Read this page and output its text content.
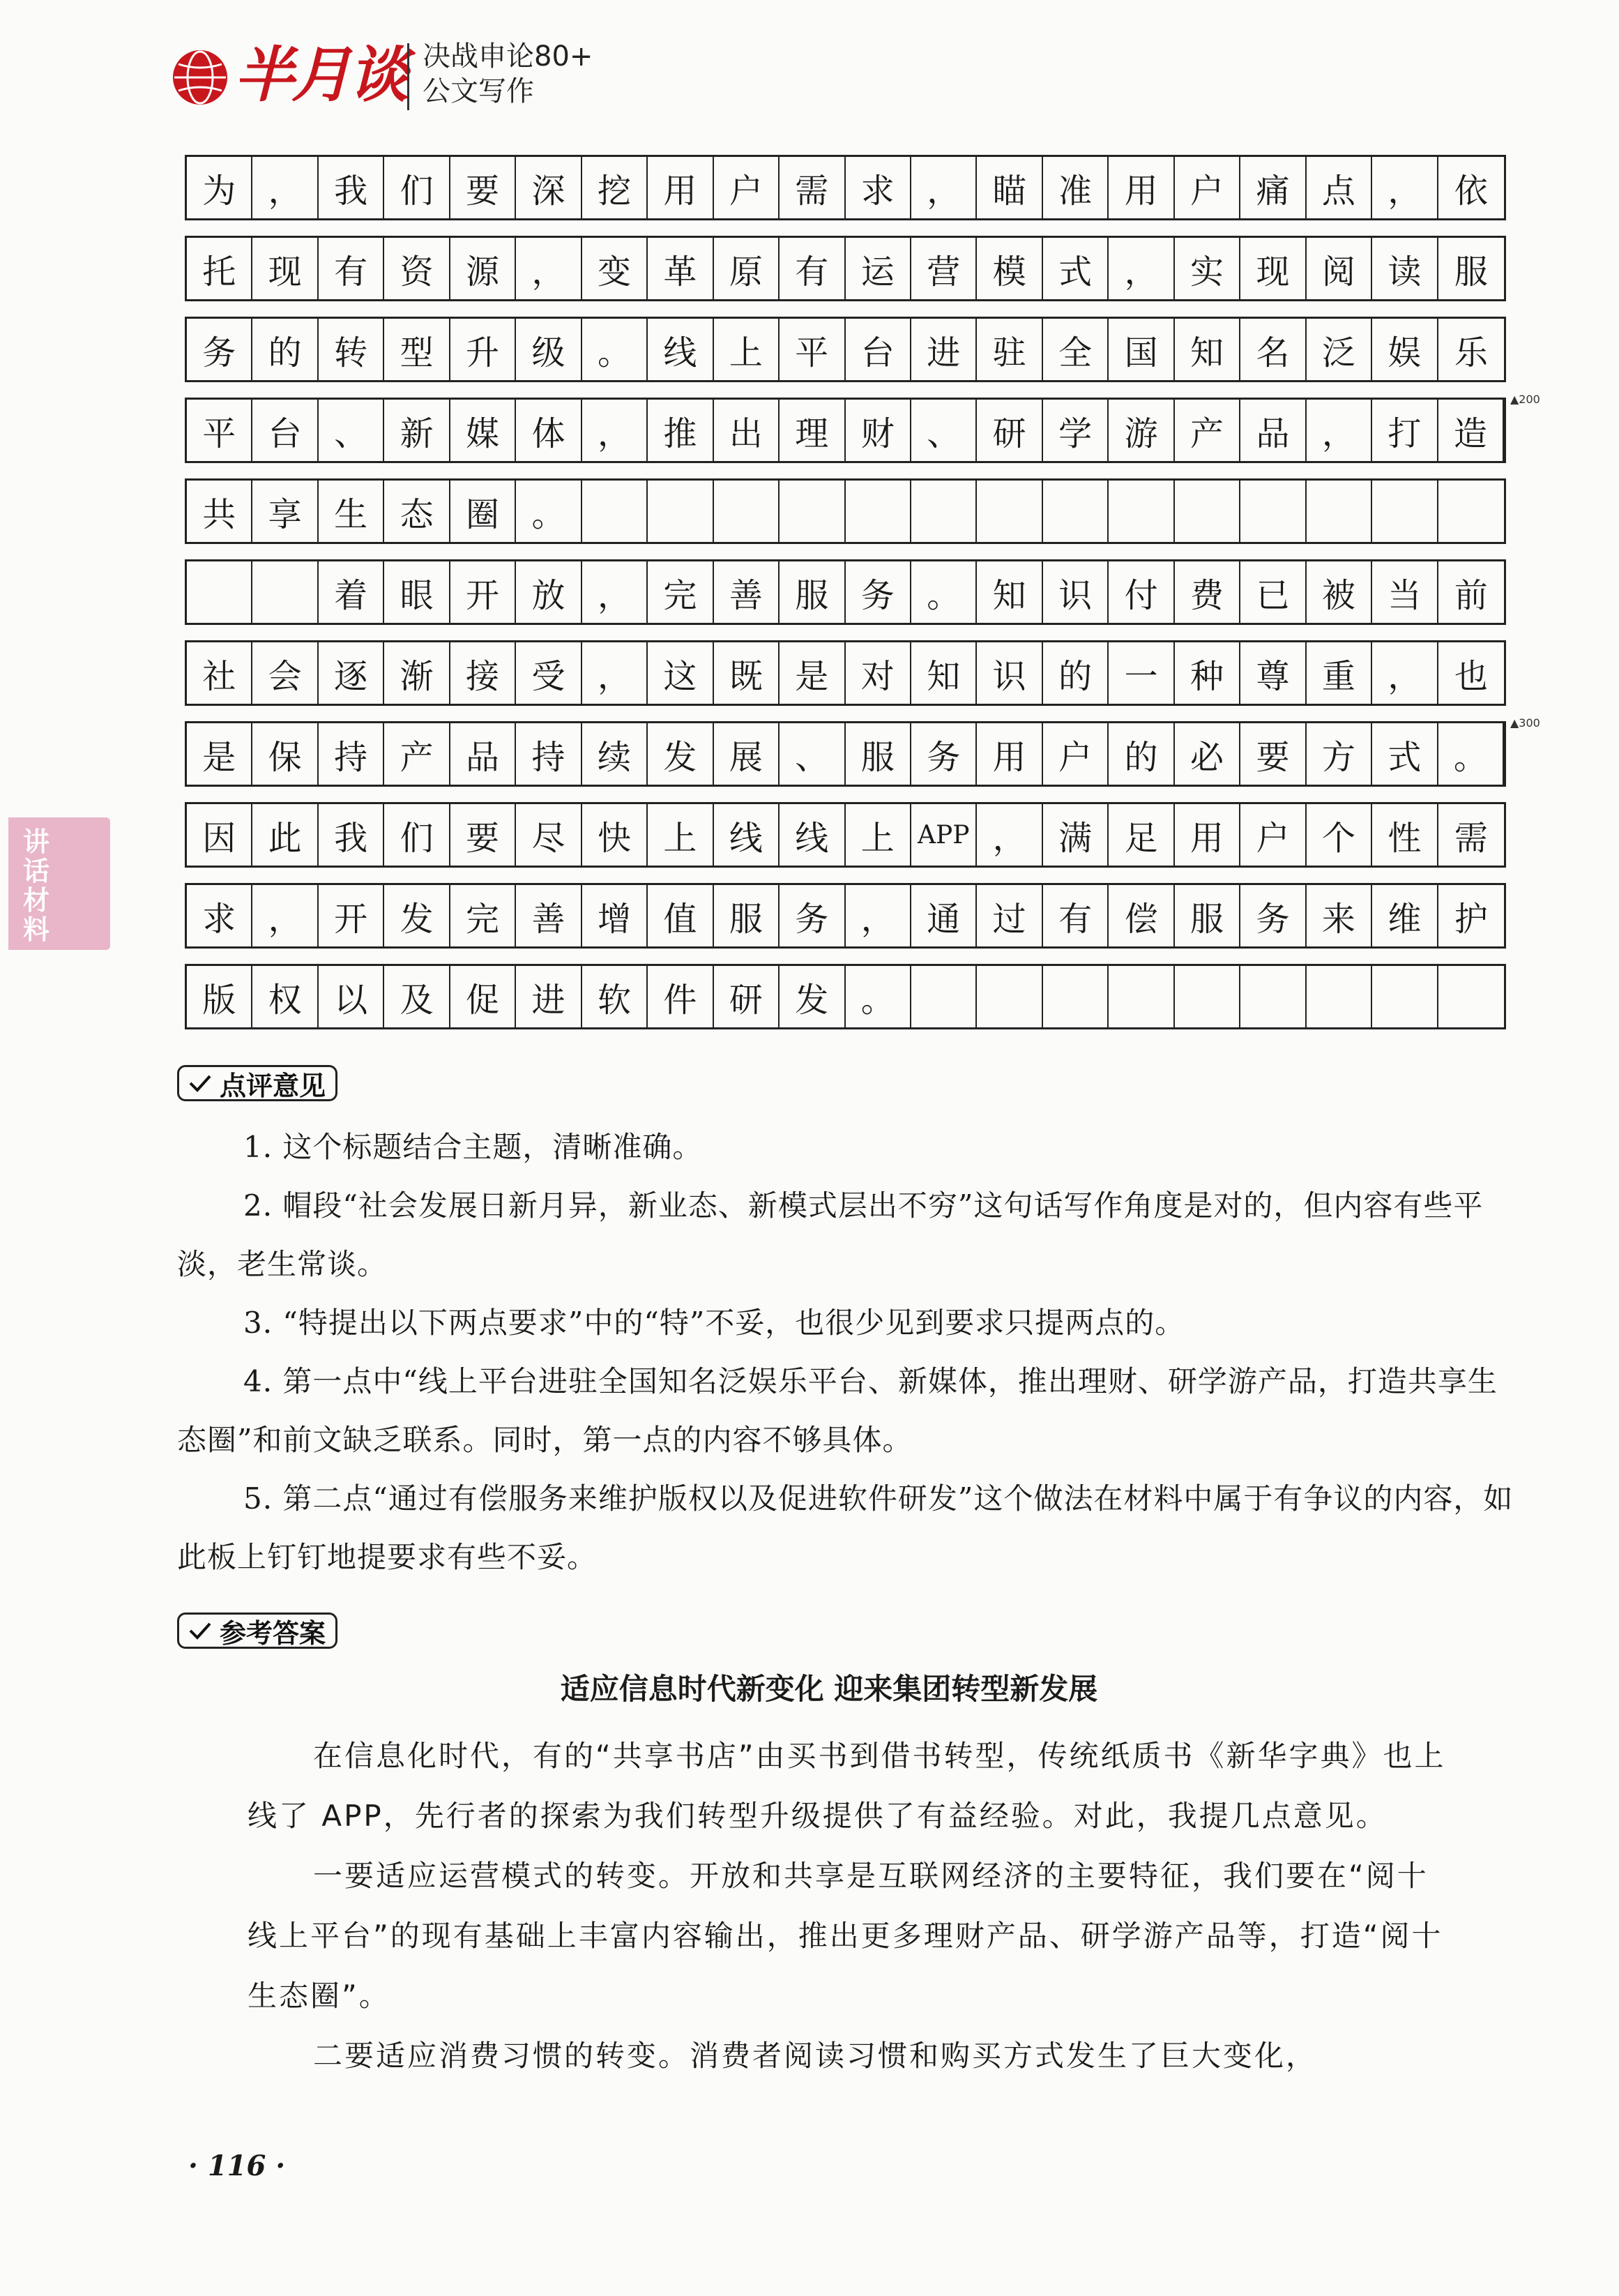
半月谈 决战申论80+
公文写作
讲话材料
为 ， 我 们 要 深 挖 用 户 需 求 ， 瞄 准 用 户 痛 点 ， 依
托 现 有 资 源 ， 变 革 原 有 运 营 模 式 ， 实 现 阅 读 服
务 的 转 型 升 级 。 线 上 平 台 进 驻 全 国 知 名 泛 娱 乐
平 台 、 新 媒 体 ， 推 出 理 财 、 研 学 游 产 品 ， 打 造
▲200
共 享 生 态 圈 。
着 眼 开 放 ， 完 善 服 务 。 知 识 付 费 已 被 当 前
社 会 逐 渐 接 受 ， 这 既 是 对 知 识 的 一 种 尊 重 ， 也
是 保 持 产 品 持 续 发 展 、 服 务 用 户 的 必 要 方 式 。
▲300
因 此 我 们 要 尽 快 上 线 线 上 APP ， 满 足 用 户 个 性 需
求 ， 开 发 完 善 增 值 服 务 ， 通 过 有 偿 服 务 来 维 护
版 权 以 及 促 进 软 件 研 发 。
点评意见

1. 这个标题结合主题，清晰准确。

2. 帽段“社会发展日新月异，新业态、新模式层出不穷”这句话写作角度是对的，但内容有些平淡，老生常谈。

3. “特提出以下两点要求”中的“特”不妥，也很少见到要求只提两点的。

4. 第一点中“线上平台进驻全国知名泛娱乐平台、新媒体，推出理财、研学游产品，打造共享生态圈”和前文缺乏联系。同时，第一点的内容不够具体。

5. 第二点“通过有偿服务来维护版权以及促进软件研发”这个做法在材料中属于有争议的内容，如此板上钉钉地提要求有些不妥。

参考答案
适应信息时代新变化 迎来集团转型新发展

在信息化时代，有的“共享书店”由买书到借书转型，传统纸质书《新华字典》也上线了 APP，先行者的探索为我们转型升级提供了有益经验。对此，我提几点意见。

一要适应运营模式的转变。开放和共享是互联网经济的主要特征，我们要在“阅十线上平台”的现有基础上丰富内容输出，推出更多理财产品、研学游产品等，打造“阅十生态圈”。

二要适应消费习惯的转变。消费者阅读习惯和购买方式发生了巨大变化，

· 116 ·
